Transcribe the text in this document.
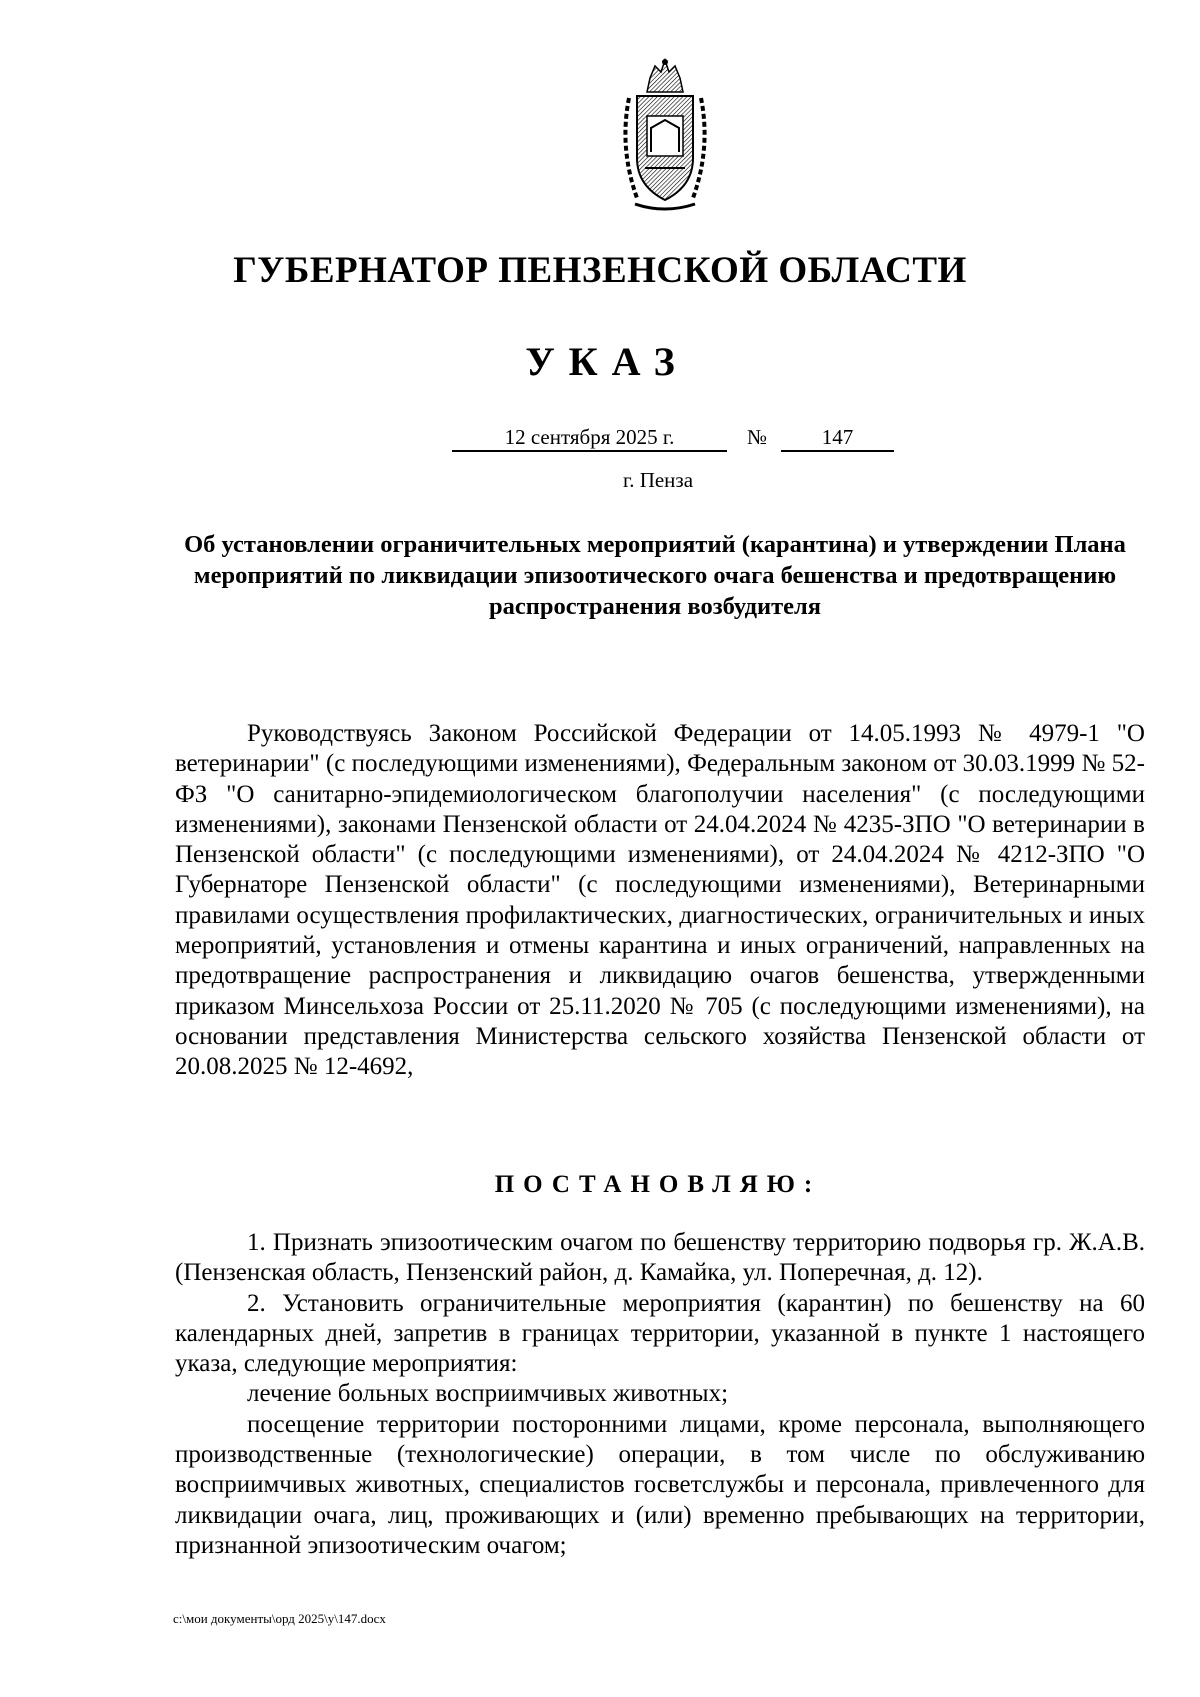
ГУБЕРНАТОР ПЕНЗЕНСКОЙ ОБЛАСТИ
УКАЗ
12 сентября 2025 г.	№	147
г. Пенза
Об установлении ограничительных мероприятий (карантина) и утверждении Плана мероприятий по ликвидации эпизоотического очага бешенства и предотвращению распространения возбудителя

Руководствуясь Законом Российской Федерации от 14.05.1993 № 4979-1 "О ветеринарии" (с последующими изменениями), Федеральным законом от 30.03.1999 № 52-ФЗ "О санитарно-эпидемиологическом благополучии населения" (с последующими изменениями), законами Пензенской области от 24.04.2024 № 4235-ЗПО "О ветеринарии в Пензенской области" (с последующими изменениями), от 24.04.2024 № 4212-ЗПО "О Губернаторе Пензенской области" (с последующими изменениями), Ветеринарными правилами осуществления профилактических, диагностических, ограничительных и иных мероприятий, установления и отмены карантина и иных ограничений, направленных на предотвращение распространения и ликвидацию очагов бешенства, утвержденными приказом Минсельхоза России от 25.11.2020 № 705 (с последующими изменениями), на основании представления Министерства сельского хозяйства Пензенской области от 20.08.2025 № 12-4692,

ПОСТАНОВЛЯЮ:

1. Признать эпизоотическим очагом по бешенству территорию подворья гр. Ж.А.В. (Пензенская область, Пензенский район, д. Камайка, ул. Поперечная, д. 12).

2. Установить ограничительные мероприятия (карантин) по бешенству на 60 календарных дней, запретив в границах территории, указанной в пункте 1 настоящего указа, следующие мероприятия:

лечение больных восприимчивых животных;

посещение территории посторонними лицами, кроме персонала, выполняющего производственные (технологические) операции, в том числе по обслуживанию восприимчивых животных, специалистов госветслужбы и персонала, привлеченного для ликвидации очага, лиц, проживающих и (или) временно пребывающих на территории, признанной эпизоотическим очагом;

c:\мои документы\орд 2025\у\147.docx
